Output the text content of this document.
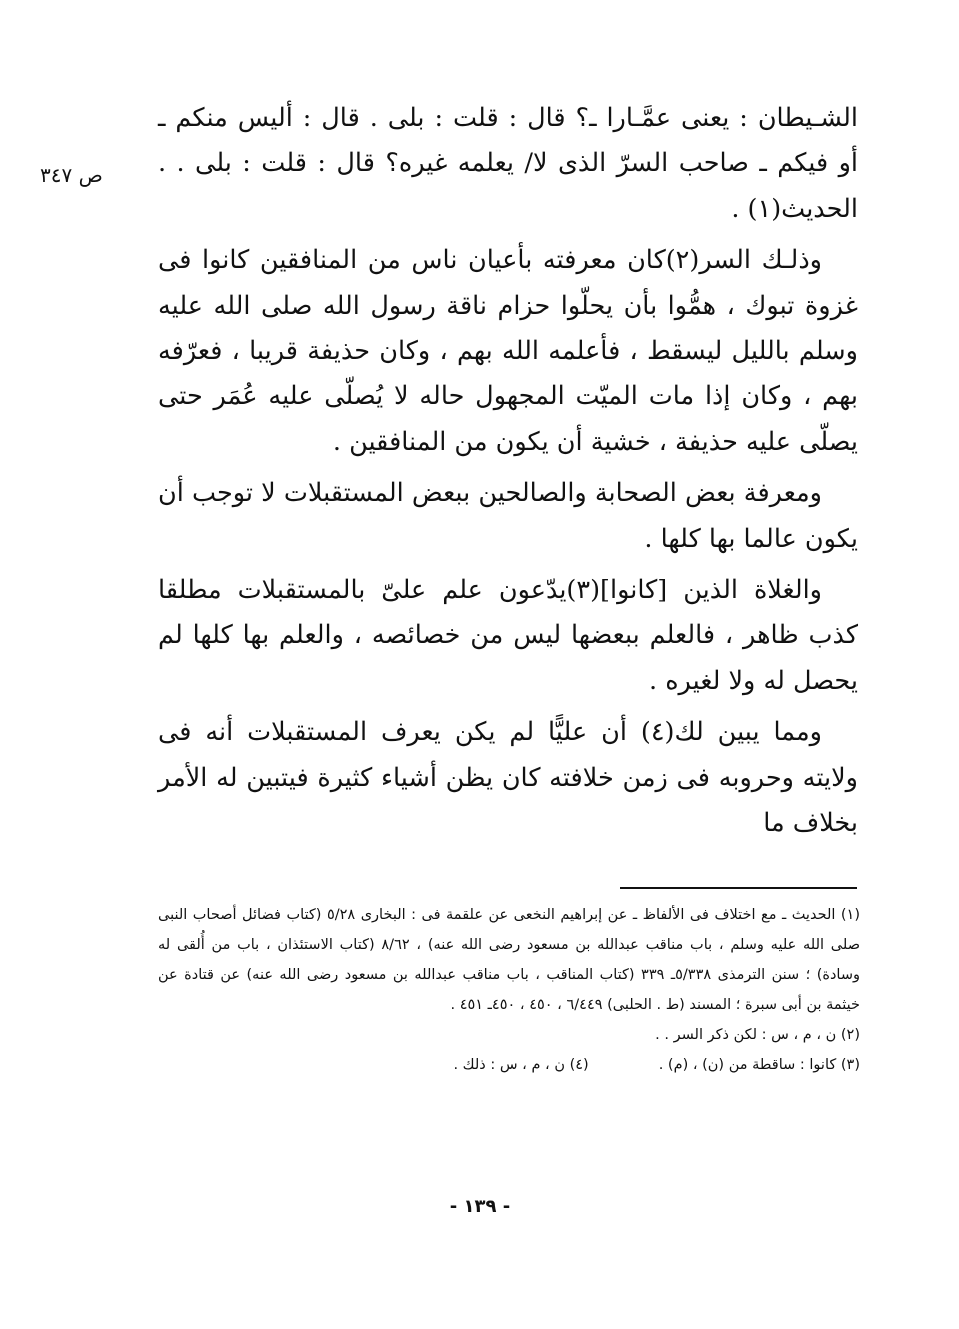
ص ٣٤٧

الشـيطان : يعنى عمَّـارا ـ؟ قال : قلت : بلى . قال : أليس منكم ـ أو فيكم ـ صاحب السرّ الذى لا/ يعلمه غيره؟ قال : قلت : بلى . . الحديث(١) .

وذلـك السر(٢)كان معرفته بأعيان ناس من المنافقين كانوا فى غزوة تبوك ، همُّوا بأن يحلّوا حزام ناقة رسول الله صلى الله عليه وسلم بالليل ليسقط ، فأعلمه الله بهم ، وكان حذيفة قريبا ، فعرّفه بهم ، وكان إذا مات الميّت المجهول حاله لا يُصلّى عليه عُمَر حتى يصلّى عليه حذيفة ، خشية أن يكون من المنافقين .

ومعرفة بعض الصحابة والصالحين ببعض المستقبلات لا توجب أن يكون عالما بها كلها .

والغلاة الذين [كانوا](٣)يدّعون علم علىّ بالمستقبلات مطلقا كذب ظاهر ، فالعلم ببعضها ليس من خصائصه ، والعلم بها كلها لم يحصل له ولا لغيره .

ومما يبين لك(٤) أن عليًّا لم يكن يعرف المستقبلات أنه فى ولايته وحروبه فى زمن خلافته كان يظن أشياء كثيرة فيتبين له الأمر بخلاف ما

(١) الحديث ـ مع اختلاف فى الألفاظ ـ عن إبراهيم النخعى عن علقمة فى : البخارى ٥/٢٨ (كتاب فضائل أصحاب النبى صلى الله عليه وسلم ، باب مناقب عبدالله بن مسعود رضى الله عنه) ، ٨/٦٢ (كتاب الاستئذان ، باب من أُلقى له وسادة) ؛ سنن الترمذى ٥/٣٣٨ـ ٣٣٩ (كتاب المناقب ، باب مناقب عبدالله بن مسعود رضى الله عنه) عن قتادة عن خيثمة بن أبى سبرة ؛ المسند (ط . الحلبى) ٦/٤٤٩ ، ٤٥٠ ، ٤٥٠ـ ٤٥١ .

(٢) ن ، م ، س : لكن ذكر السر . .

(٣) كانوا : ساقطة من (ن) ، (م) .
(٤) ن ، م ، س : ذلك .
- ١٣٩ -
